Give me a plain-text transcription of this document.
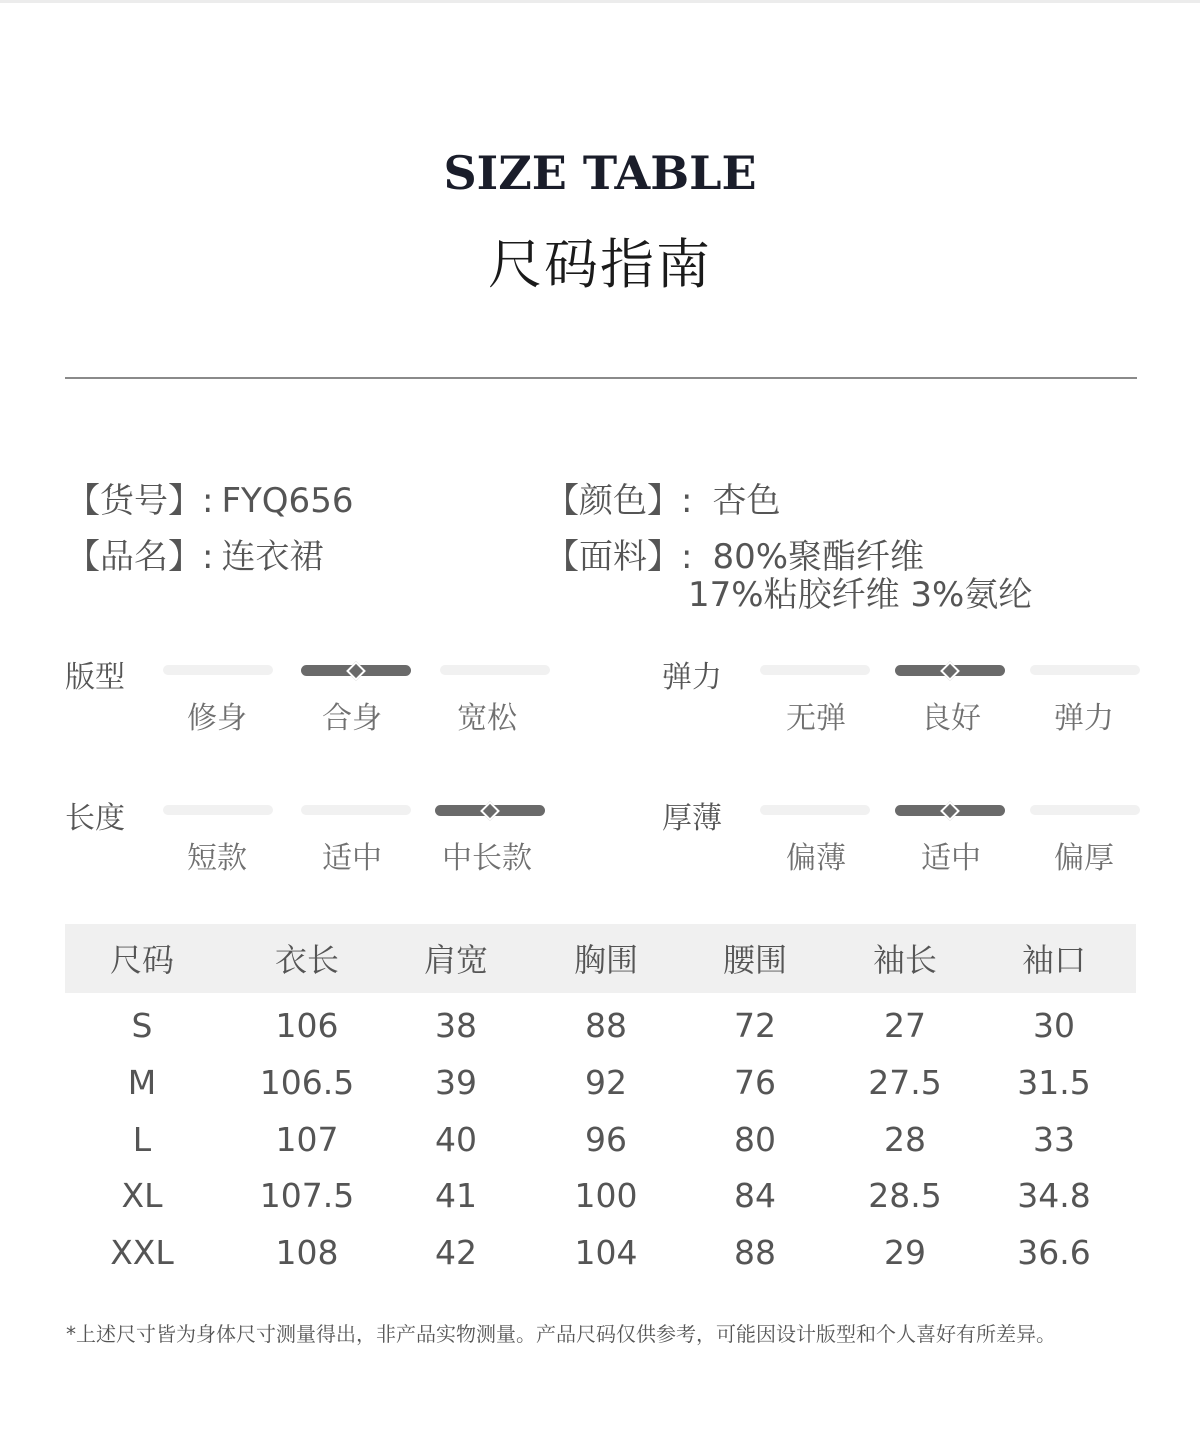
SIZE TABLE
尺码指南
【货号】: FYQ656
【品名】: 连衣裙
【颜色】: 杏色
【面料】: 80%聚酯纤维
17%粘胶纤维 3%氨纶
版型
修身	合身	宽松
弹力
无弹	良好	弹力
长度
短款	适中	中长款
厚薄
偏薄	适中	偏厚
尺码	衣长	肩宽	胸围	腰围	袖长	袖口
S	106	38	88	72	27	30
M	106.5	39	92	76	27.5	31.5
L	107	40	96	80	28	33
XL	107.5	41	100	84	28.5	34.8
XXL	108	42	104	88	29	36.6
*上述尺寸皆为身体尺寸测量得出，非产品实物测量。产品尺码仅供参考，可能因设计版型和个人喜好有所差异。
